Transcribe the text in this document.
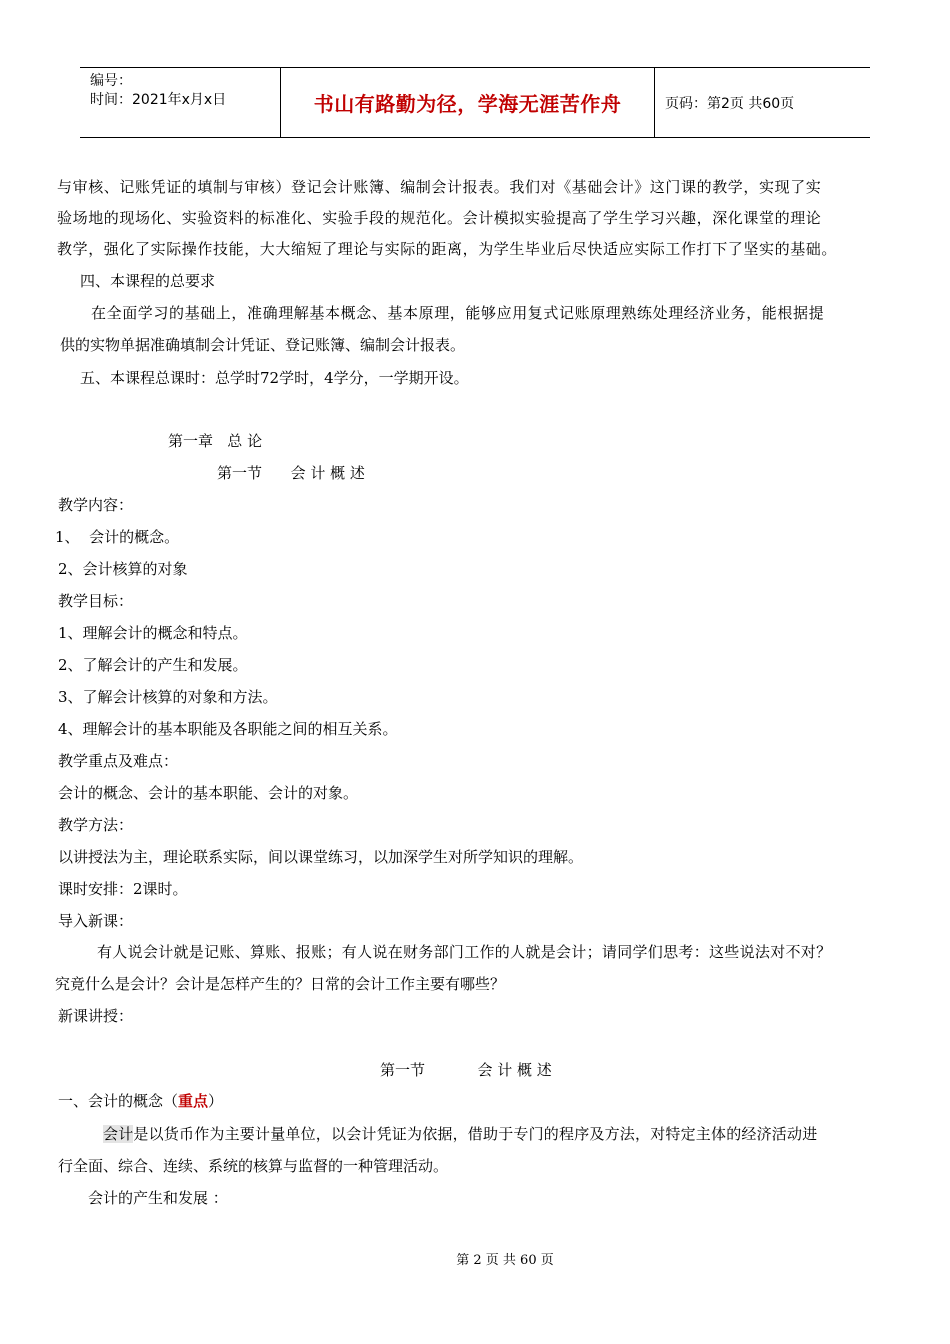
编号：
时间：2021年x月x日	书山有路勤为径，学海无涯苦作舟	页码：第2页 共60页
与审核、记账凭证的填制与审核）登记会计账簿、编制会计报表。我们对《基础会计》这门课的教学，实现了实
验场地的现场化、实验资料的标准化、实验手段的规范化。会计模拟实验提高了学生学习兴趣，深化课堂的理论
教学，强化了实际操作技能，大大缩短了理论与实际的距离，为学生毕业后尽快适应实际工作打下了坚实的基础。
四、本课程的总要求
在全面学习的基础上，准确理解基本概念、基本原理，能够应用复式记账原理熟练处理经济业务，能根据提
供的实物单据准确填制会计凭证、登记账簿、编制会计报表。
五、本课程总课时：总学时72学时，4学分，一学期开设。
第一章   总 论
第一节      会 计 概 述
教学内容：
1、  会计的概念。
2、会计核算的对象
教学目标：
1、理解会计的概念和特点。
2、了解会计的产生和发展。
3、了解会计核算的对象和方法。
4、理解会计的基本职能及各职能之间的相互关系。
教学重点及难点：
会计的概念、会计的基本职能、会计的对象。
教学方法：
以讲授法为主，理论联系实际，间以课堂练习，以加深学生对所学知识的理解。
课时安排：2课时。
导入新课：
有人说会计就是记账、算账、报账；有人说在财务部门工作的人就是会计；请同学们思考：这些说法对不对？
究竟什么是会计？会计是怎样产生的？日常的会计工作主要有哪些？
新课讲授：
第一节           会 计 概 述
一、会计的概念（重点）
会计是以货币作为主要计量单位，以会计凭证为依据，借助于专门的程序及方法，对特定主体的经济活动进
行全面、综合、连续、系统的核算与监督的一种管理活动。
会计的产生和发展 ：
第 2 页 共 60 页
